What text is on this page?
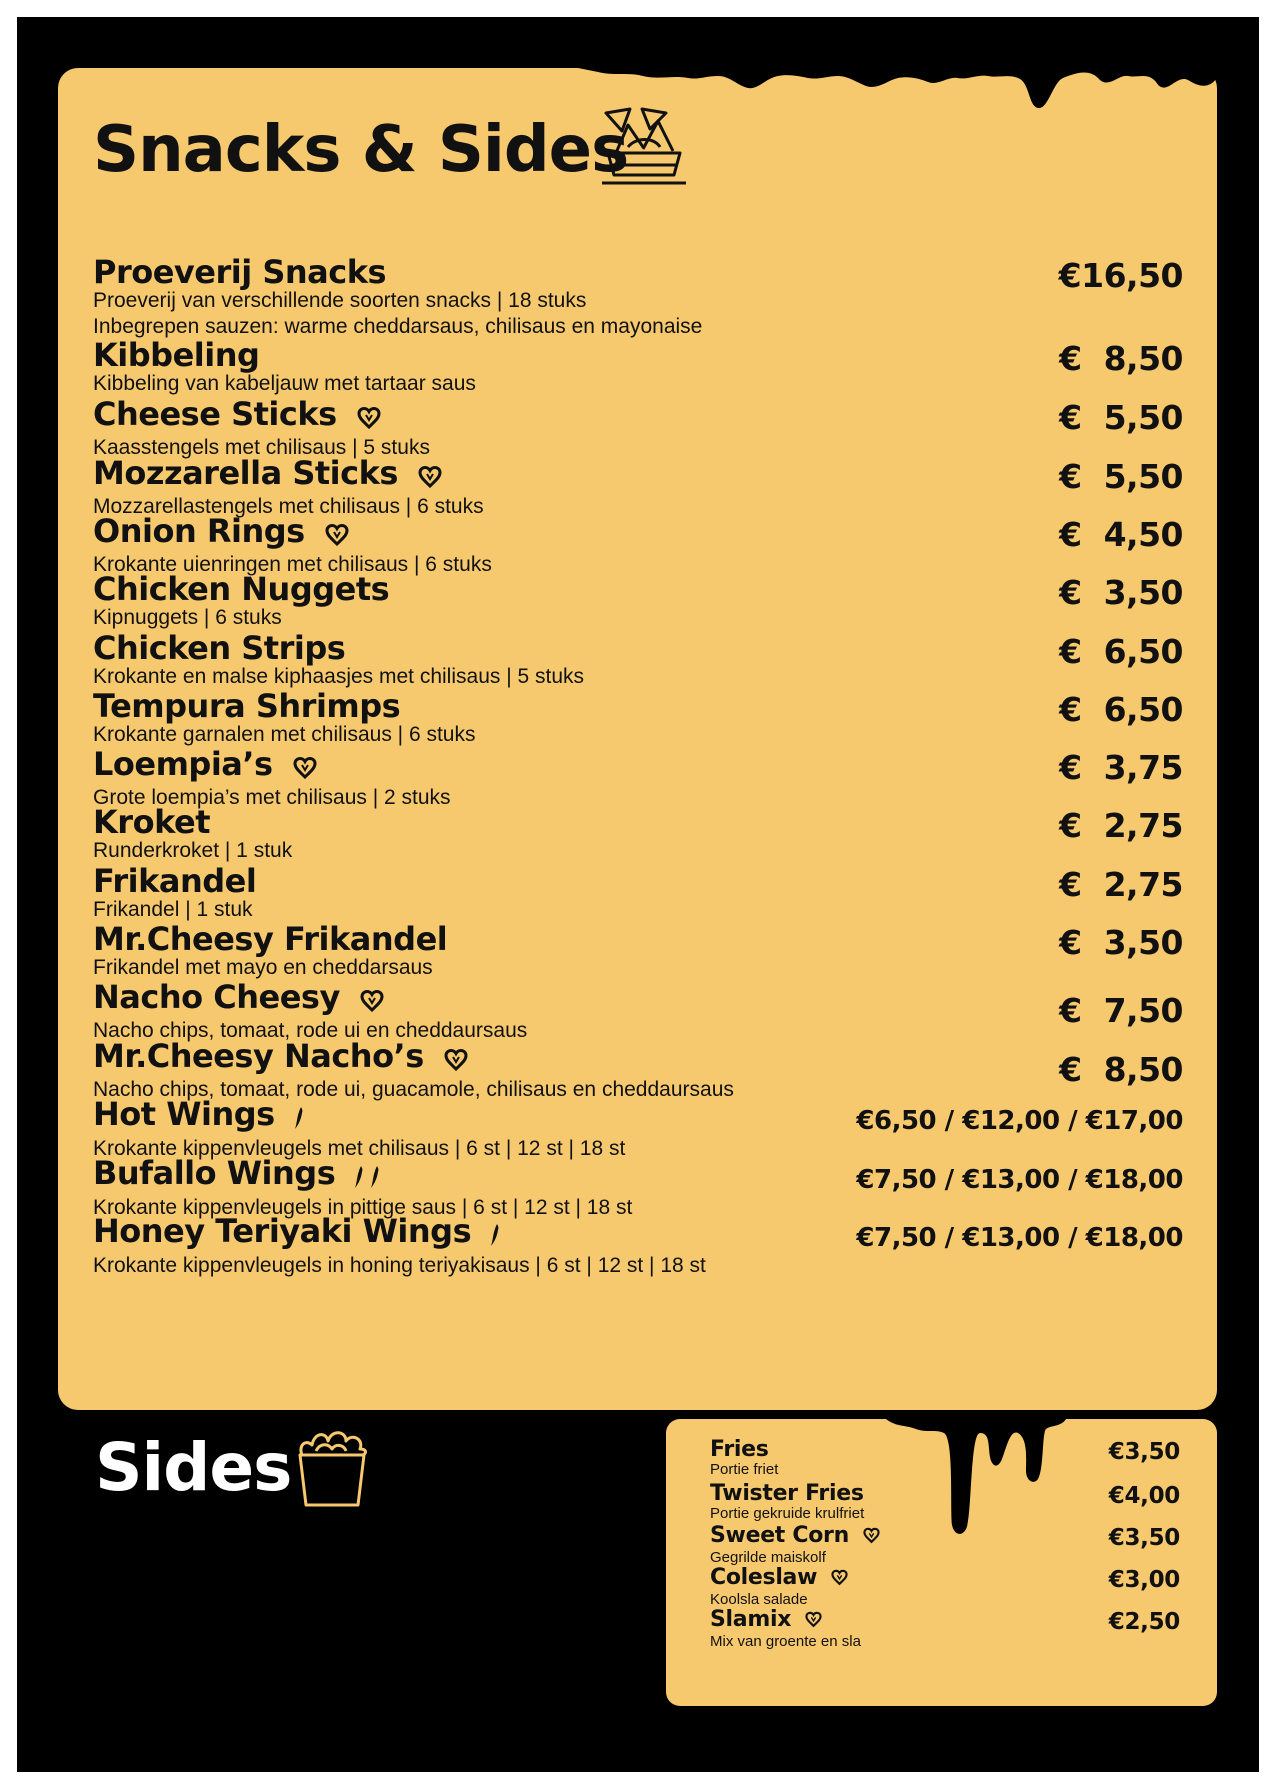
Snacks & Sides
Proeverij Snacks
Proeverij van verschillende soorten snacks | 18 stuks
Inbegrepen sauzen: warme cheddarsaus, chilisaus en mayonaise
€16,50
Kibbeling
Kibbeling van kabeljauw met tartaar saus
€  8,50
Cheese Sticks
Kaasstengels met chilisaus | 5 stuks
€  5,50
Mozzarella Sticks
Mozzarellastengels met chilisaus | 6 stuks
€  5,50
Onion Rings
Krokante uienringen met chilisaus | 6 stuks
€  4,50
Chicken Nuggets
Kipnuggets | 6 stuks
€  3,50
Chicken Strips
Krokante en malse kiphaasjes met chilisaus | 5 stuks
€  6,50
Tempura Shrimps
Krokante garnalen met chilisaus | 6 stuks
€  6,50
Loempia’s
Grote loempia’s met chilisaus | 2 stuks
€  3,75
Kroket
Runderkroket | 1 stuk
€  2,75
Frikandel
Frikandel | 1 stuk
€  2,75
Mr.Cheesy Frikandel
Frikandel met mayo en cheddarsaus
€  3,50
Nacho Cheesy
Nacho chips, tomaat, rode ui en cheddaursaus
€  7,50
Mr.Cheesy Nacho’s
Nacho chips, tomaat, rode ui, guacamole, chilisaus en cheddaursaus
€  8,50
Hot Wings
Krokante kippenvleugels met chilisaus | 6 st | 12 st | 18 st
€6,50 / €12,00 / €17,00
Bufallo Wings
Krokante kippenvleugels in pittige saus | 6 st | 12 st | 18 st
€7,50 / €13,00 / €18,00
Honey Teriyaki Wings
Krokante kippenvleugels in honing teriyakisaus | 6 st | 12 st | 18 st
€7,50 / €13,00 / €18,00
Sides	Fries
Portie friet
€3,50
Twister Fries
Portie gekruide krulfriet
€4,00
Sweet Corn
Gegrilde maiskolf
€3,50
Coleslaw
Koolsla salade
€3,00
Slamix
Mix van groente en sla
€2,50
